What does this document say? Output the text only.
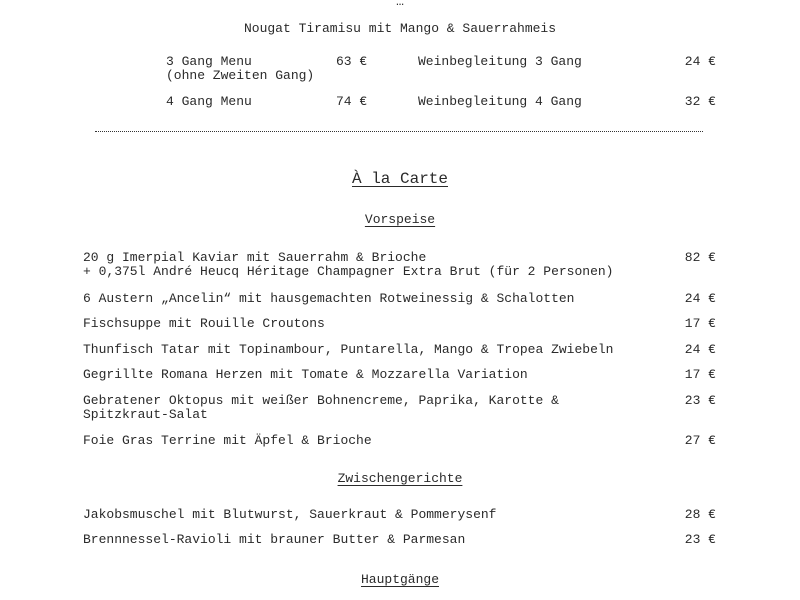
…
Nougat Tiramisu mit Mango & Sauerrahmeis
3 Gang Menu
(ohne Zweiten Gang)
63 €	Weinbegleitung 3 Gang	24 €
4 Gang Menu	74 €	Weinbegleitung 4 Gang	32 €
À la Carte
Vorspeise
20 g Imerpial Kaviar mit Sauerrahm & Brioche
+ 0,375l André Heucq Héritage Champagner Extra Brut (für 2 Personen)
82 €
6 Austern „Ancelin“ mit hausgemachten Rotweinessig & Schalotten	24 €
Fischsuppe mit Rouille Croutons	17 €
Thunfisch Tatar mit Topinambour, Puntarella, Mango & Tropea Zwiebeln	24 €
Gegrillte Romana Herzen mit Tomate & Mozzarella Variation	17 €
Gebratener Oktopus mit weißer Bohnencreme, Paprika, Karotte &
Spitzkraut-Salat
23 €
Foie Gras Terrine mit Äpfel & Brioche	27 €
Zwischengerichte
Jakobsmuschel mit Blutwurst, Sauerkraut & Pommerysenf	28 €
Brennnessel-Ravioli mit brauner Butter & Parmesan	23 €
Hauptgänge
